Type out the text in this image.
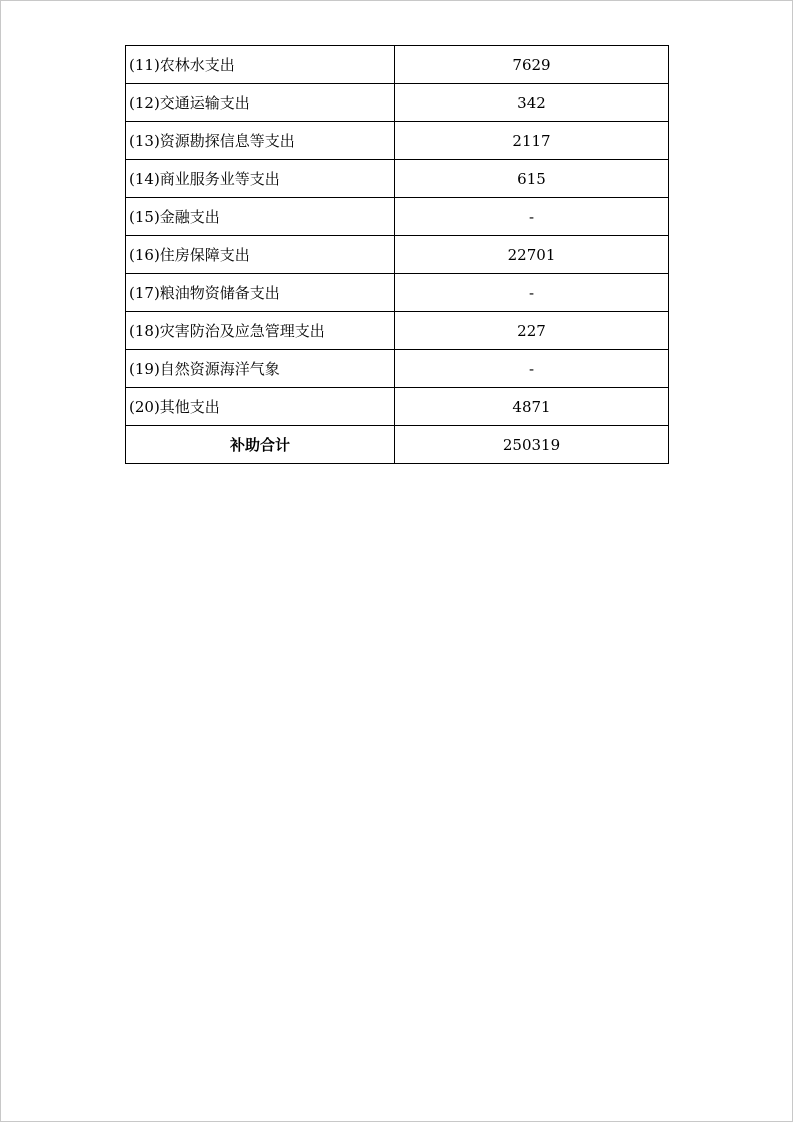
(11)农林水支出	7629
(12)交通运输支出	342
(13)资源勘探信息等支出	2117
(14)商业服务业等支出	615
(15)金融支出	-
(16)住房保障支出	22701
(17)粮油物资储备支出	-
(18)灾害防治及应急管理支出	227
(19)自然资源海洋气象	-
(20)其他支出	4871
补助合计	250319
